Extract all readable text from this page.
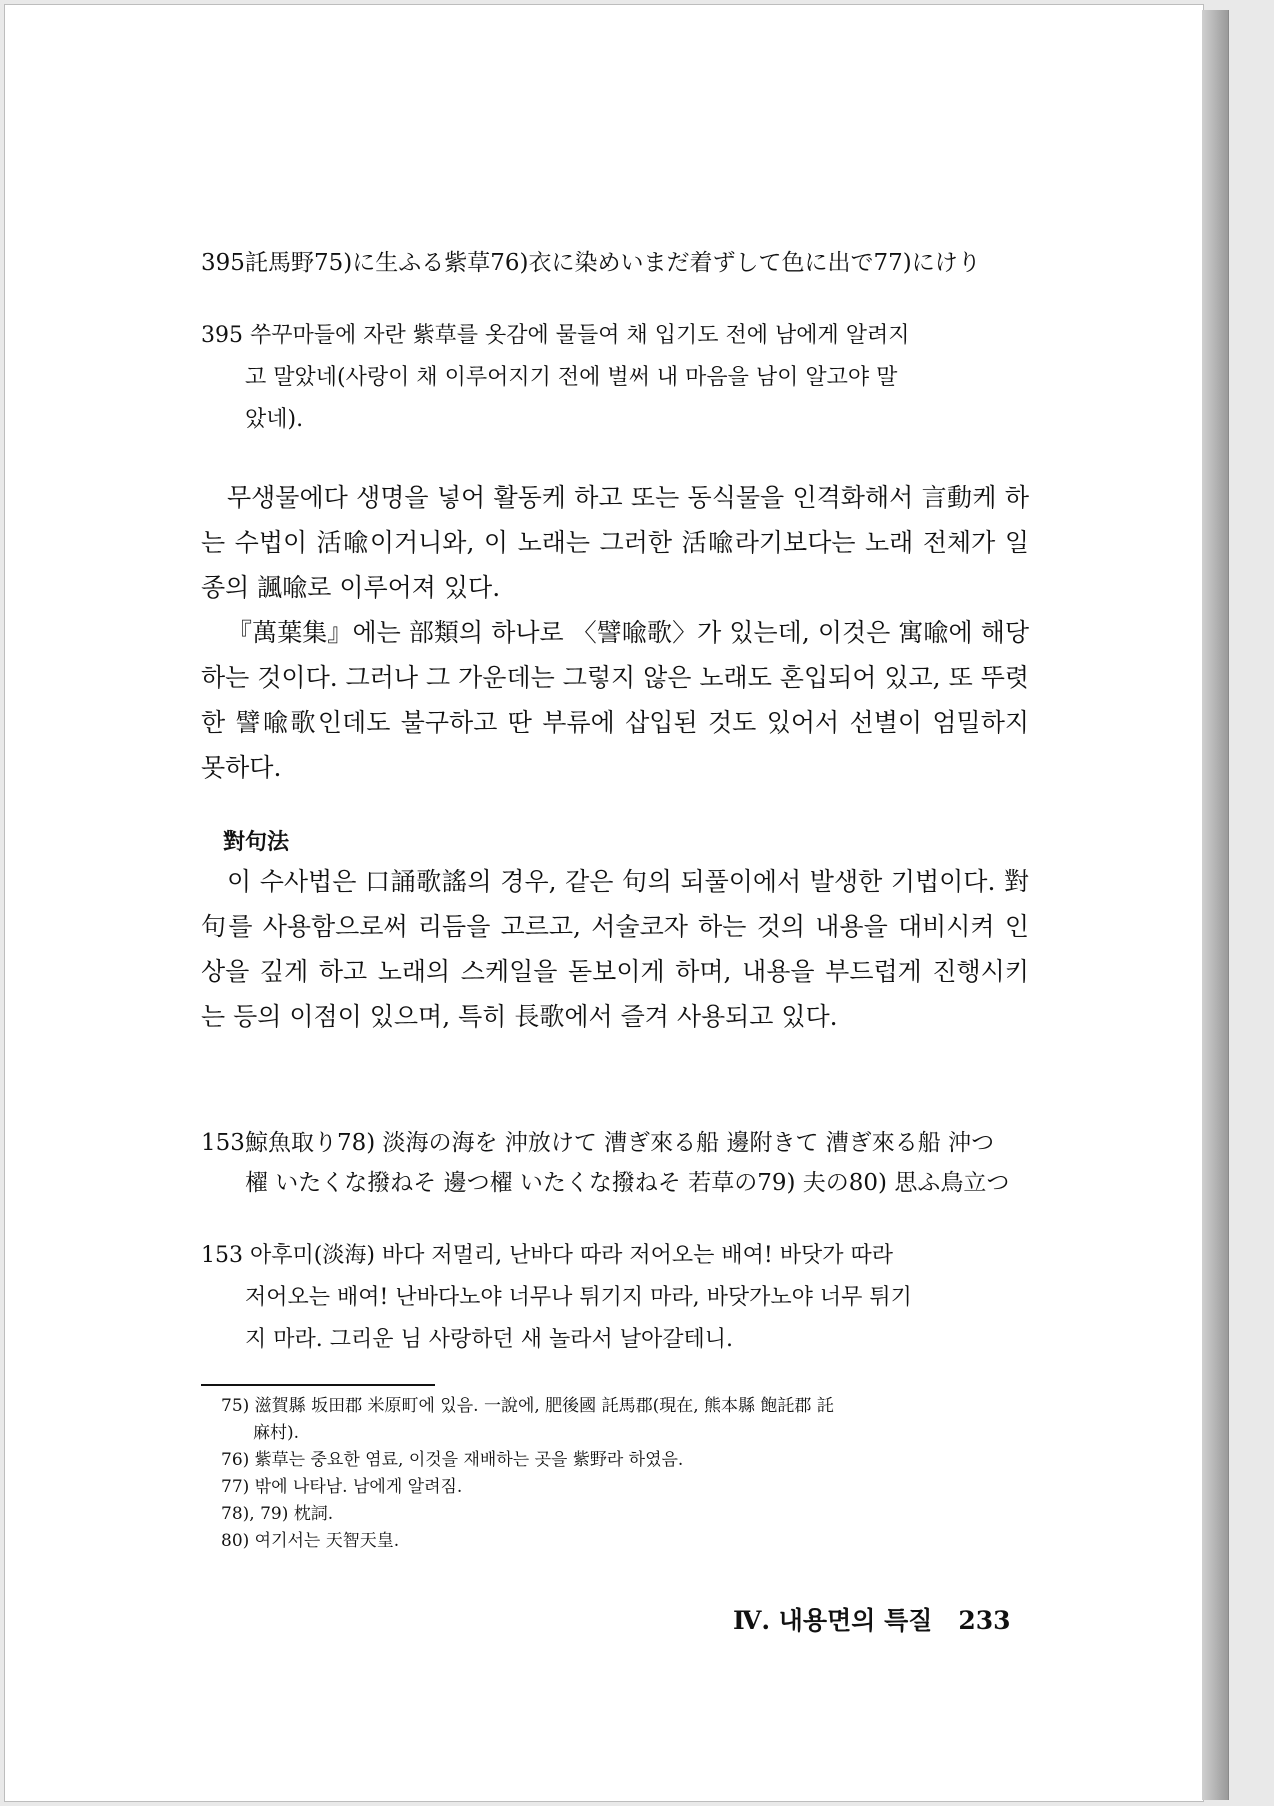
395託馬野75)に生ふる紫草76)衣に染めいまだ着ずして色に出で77)にけり
395 쑤꾸마들에 자란 紫草를 옷감에 물들여 채 입기도 전에 남에게 알려지
고 말았네(사랑이 채 이루어지기 전에 벌써 내 마음을 남이 알고야 말
았네).

무생물에다 생명을 넣어 활동케 하고 또는 동식물을 인격화해서 言動케 하는 수법이 活喩이거니와, 이 노래는 그러한 活喩라기보다는 노래 전체가 일종의 諷喩로 이루어져 있다.

『萬葉集』에는 部類의 하나로 〈譬喩歌〉가 있는데, 이것은 寓喩에 해당하는 것이다. 그러나 그 가운데는 그렇지 않은 노래도 혼입되어 있고, 또 뚜렷한 譬喩歌인데도 불구하고 딴 부류에 삽입된 것도 있어서 선별이 엄밀하지 못하다.

對句法

이 수사법은 口誦歌謠의 경우, 같은 句의 되풀이에서 발생한 기법이다. 對句를 사용함으로써 리듬을 고르고, 서술코자 하는 것의 내용을 대비시켜 인상을 깊게 하고 노래의 스케일을 돋보이게 하며, 내용을 부드럽게 진행시키는 등의 이점이 있으며, 특히 長歌에서 즐겨 사용되고 있다.

153鯨魚取り78) 淡海の海を 沖放けて 漕ぎ來る船 邊附きて 漕ぎ來る船 沖つ
櫂 いたくな撥ねそ 邊つ櫂 いたくな撥ねそ 若草の79) 夫の80) 思ふ鳥立つ
153 아후미(淡海) 바다 저멀리, 난바다 따라 저어오는 배여! 바닷가 따라
저어오는 배여! 난바다노야 너무나 튀기지 마라, 바닷가노야 너무 튀기
지 마라. 그리운 님 사랑하던 새 놀라서 날아갈테니.
75) 滋賀縣 坂田郡 米原町에 있음. 一說에, 肥後國 託馬郡(現在, 熊本縣 飽託郡 託
麻村).
76) 紫草는 중요한 염료, 이것을 재배하는 곳을 紫野라 하였음.
77) 밖에 나타남. 남에게 알려짐.
78), 79) 枕詞.
80) 여기서는 天智天皇.
Ⅳ. 내용면의 특질 233
